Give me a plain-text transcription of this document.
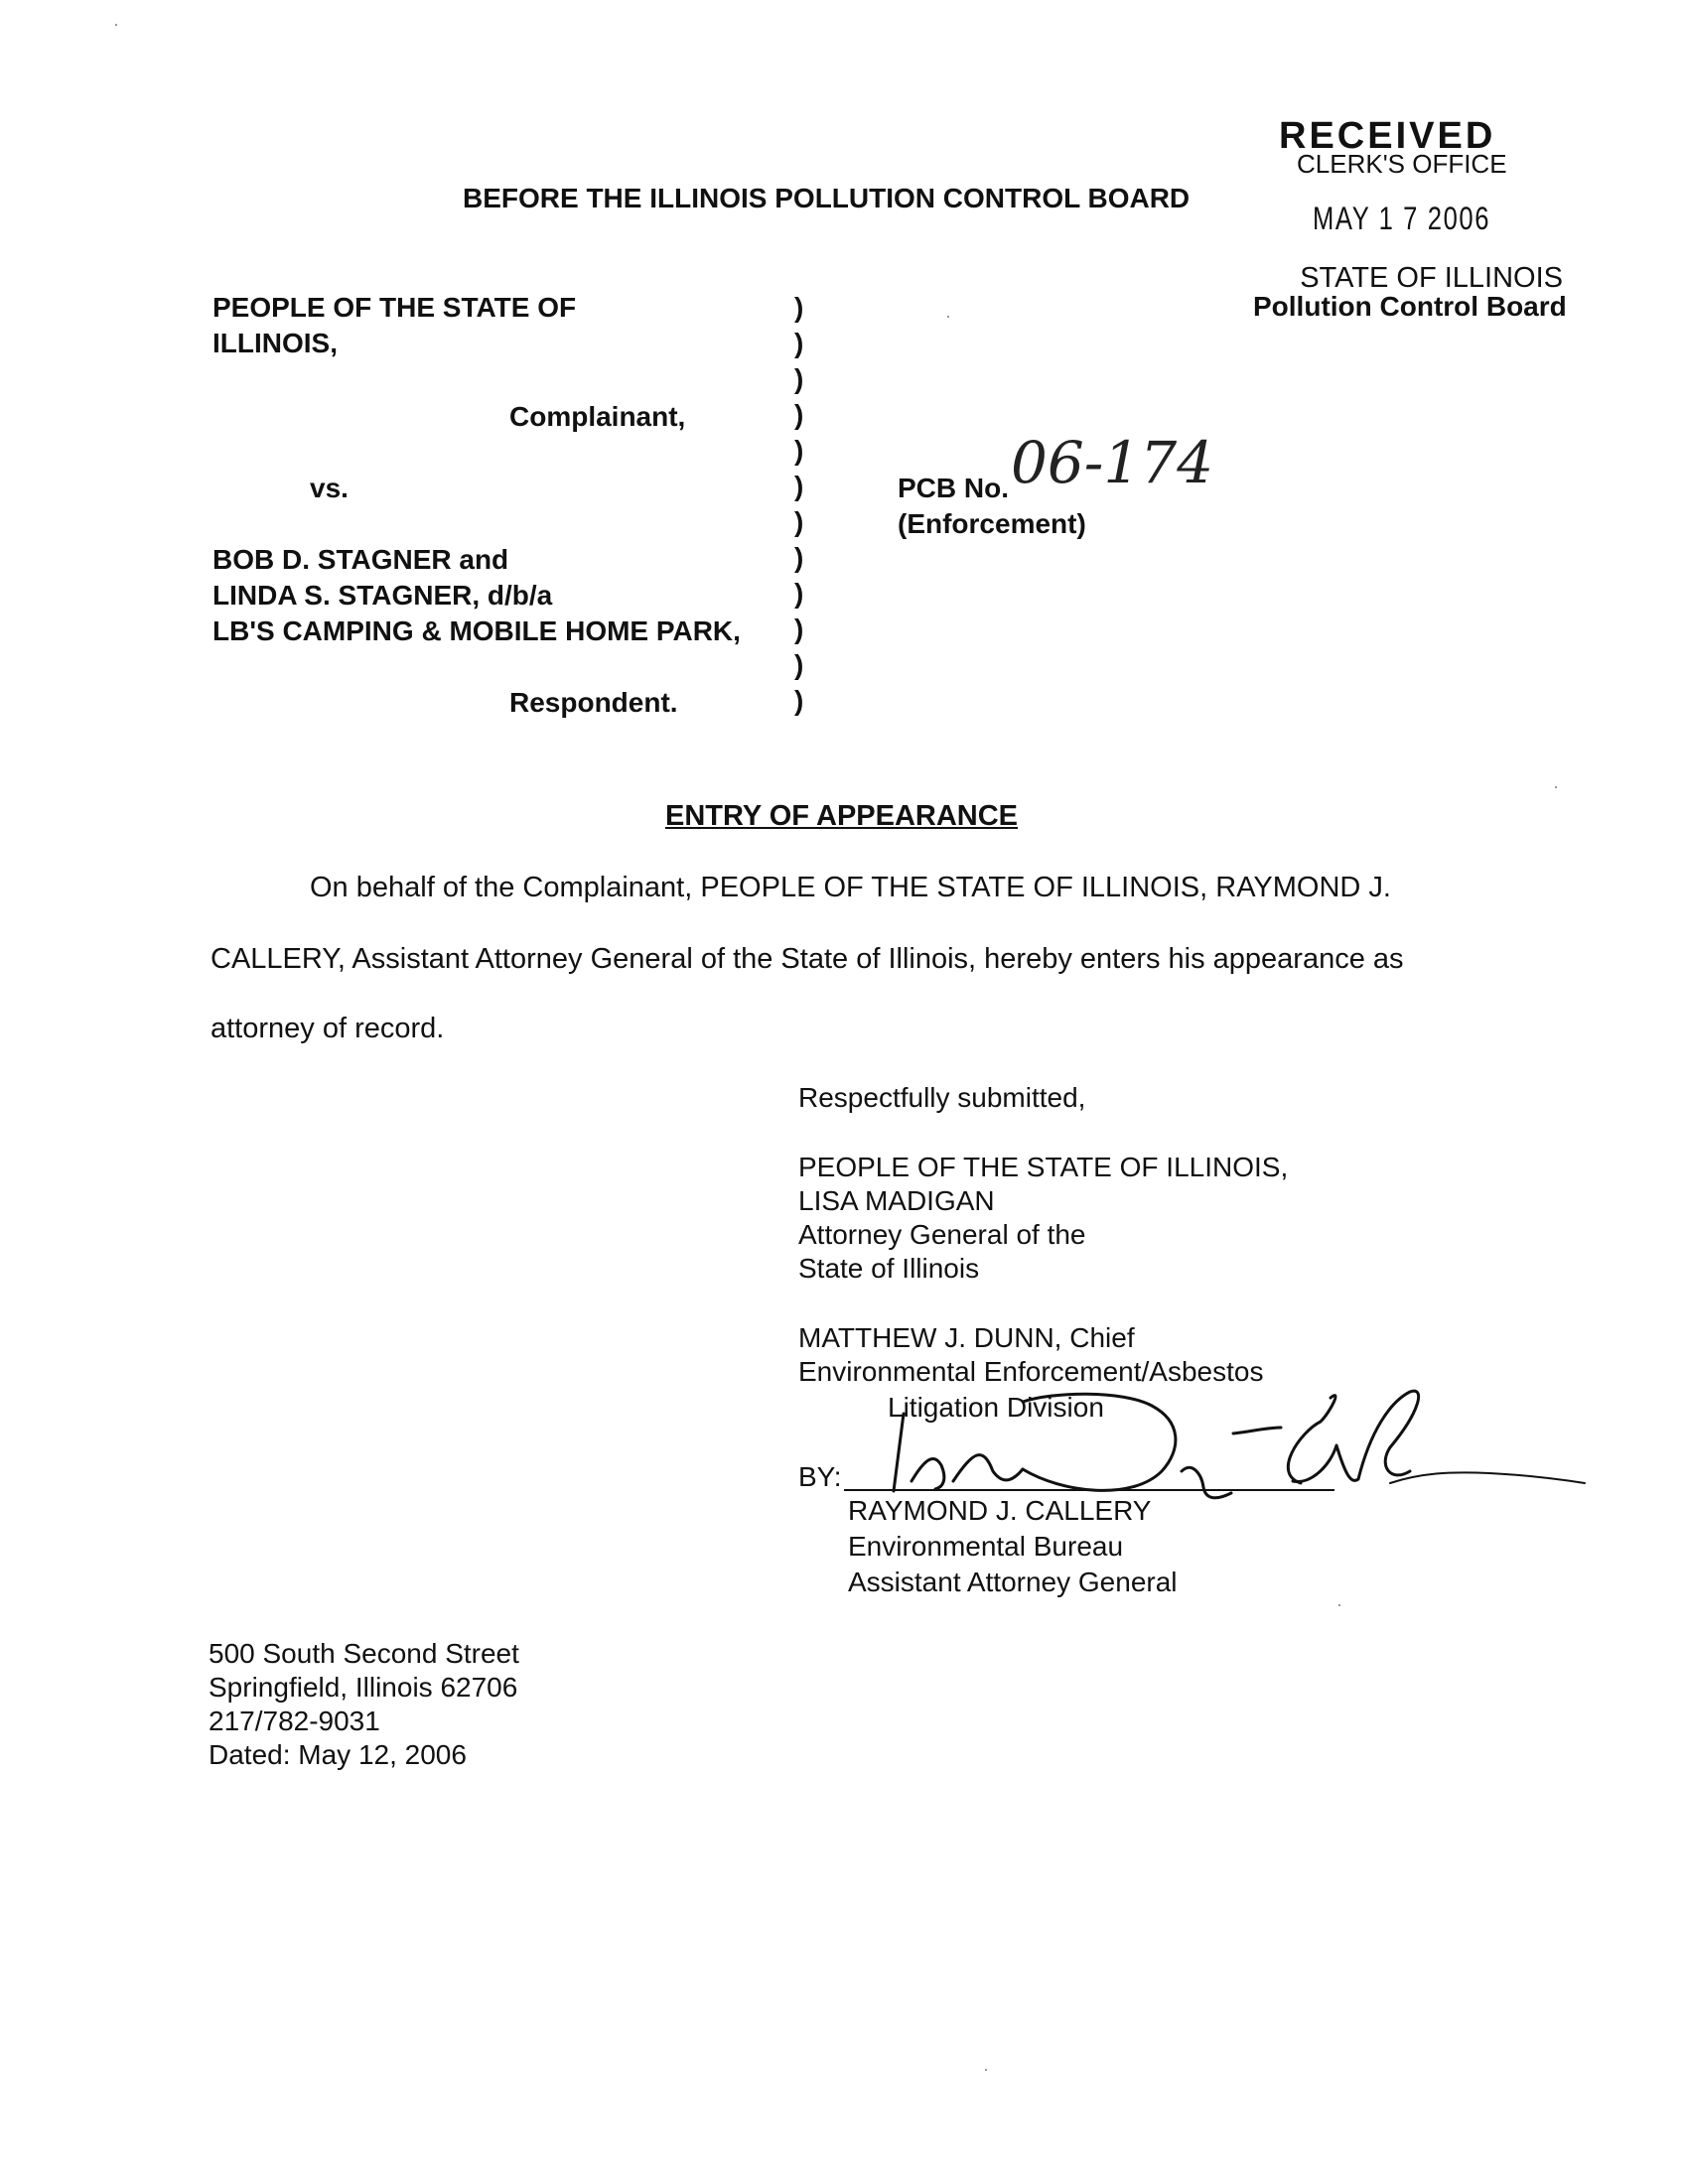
RECEIVED
CLERK'S OFFICE
MAY 1 7 2006
STATE OF ILLINOIS
Pollution Control Board
BEFORE THE ILLINOIS POLLUTION CONTROL BOARD
PEOPLE OF THE STATE OF
ILLINOIS,
Complainant,
vs.
BOB D. STAGNER and
LINDA S. STAGNER, d/b/a
LB'S CAMPING & MOBILE HOME PARK,
Respondent.
)
)
)
)
)
)
)
)
)
)
)
)
PCB No. 06-174
(Enforcement)
ENTRY OF APPEARANCE
On behalf of the Complainant, PEOPLE OF THE STATE OF ILLINOIS, RAYMOND J.
CALLERY, Assistant Attorney General of the State of Illinois, hereby enters his appearance as
attorney of record.
Respectfully submitted,
PEOPLE OF THE STATE OF ILLINOIS,
LISA MADIGAN
Attorney General of the
State of Illinois
MATTHEW J. DUNN, Chief
Environmental Enforcement/Asbestos
Litigation Division
BY:
RAYMOND J. CALLERY
Environmental Bureau
Assistant Attorney General
500 South Second Street
Springfield, Illinois 62706
217/782-9031
Dated: May 12, 2006
